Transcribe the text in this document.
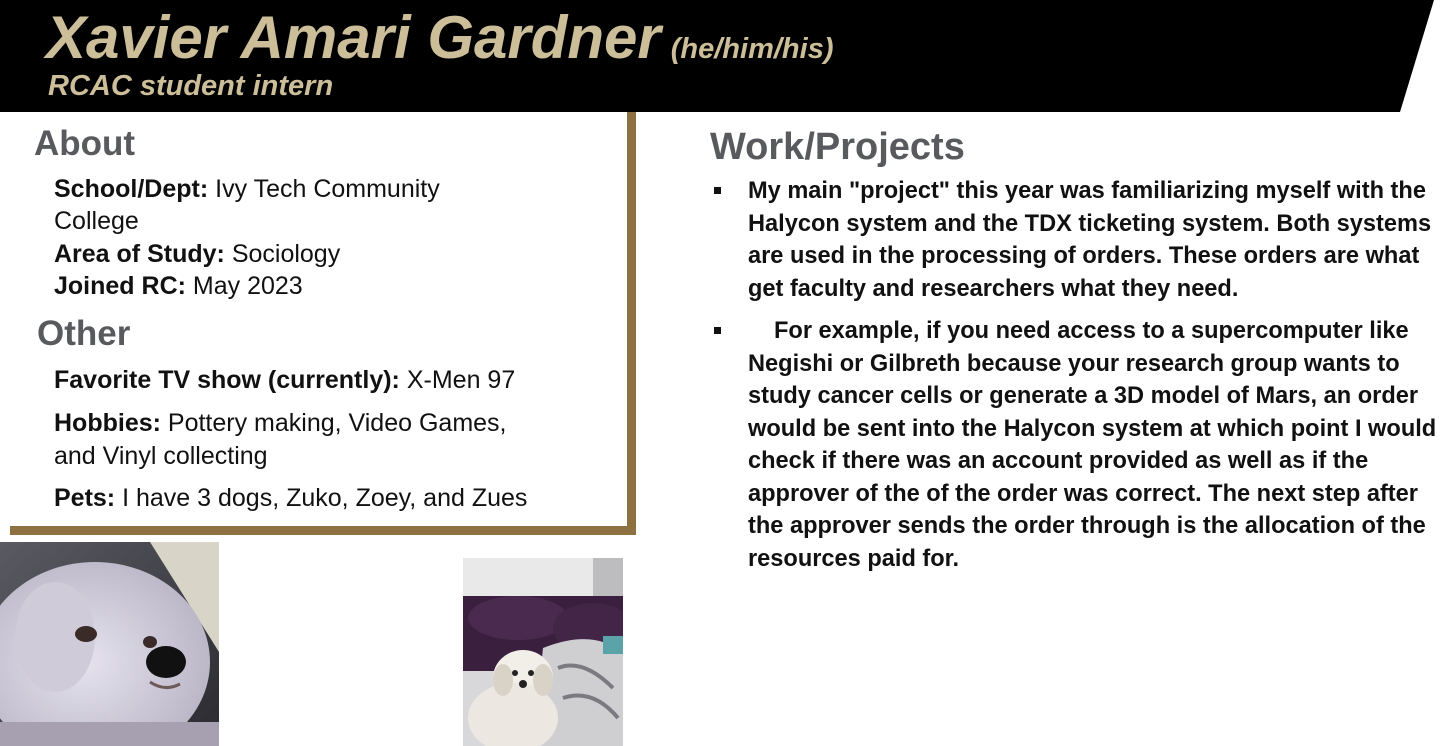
Xavier Amari Gardner (he/him/his)
RCAC student intern
About
School/Dept: Ivy Tech Community College
Area of Study: Sociology
Joined RC: May 2023
Other
Favorite TV show (currently): X-Men 97
Hobbies: Pottery making, Video Games, and Vinyl collecting
Pets: I have 3 dogs, Zuko, Zoey, and Zues
Work/Projects
My main "project" this year was familiarizing myself with the Halycon system and the TDX ticketing system. Both systems are used in the processing of orders. These orders are what get faculty and researchers what they need.
For example, if you need access to a supercomputer like Negishi or Gilbreth because your research group wants to study cancer cells or generate a 3D model of Mars, an order would be sent into the Halycon system at which point I would check if there was an account provided as well as if the approver of the of the order was correct. The next step after the approver sends the order through is the allocation of the resources paid for.
